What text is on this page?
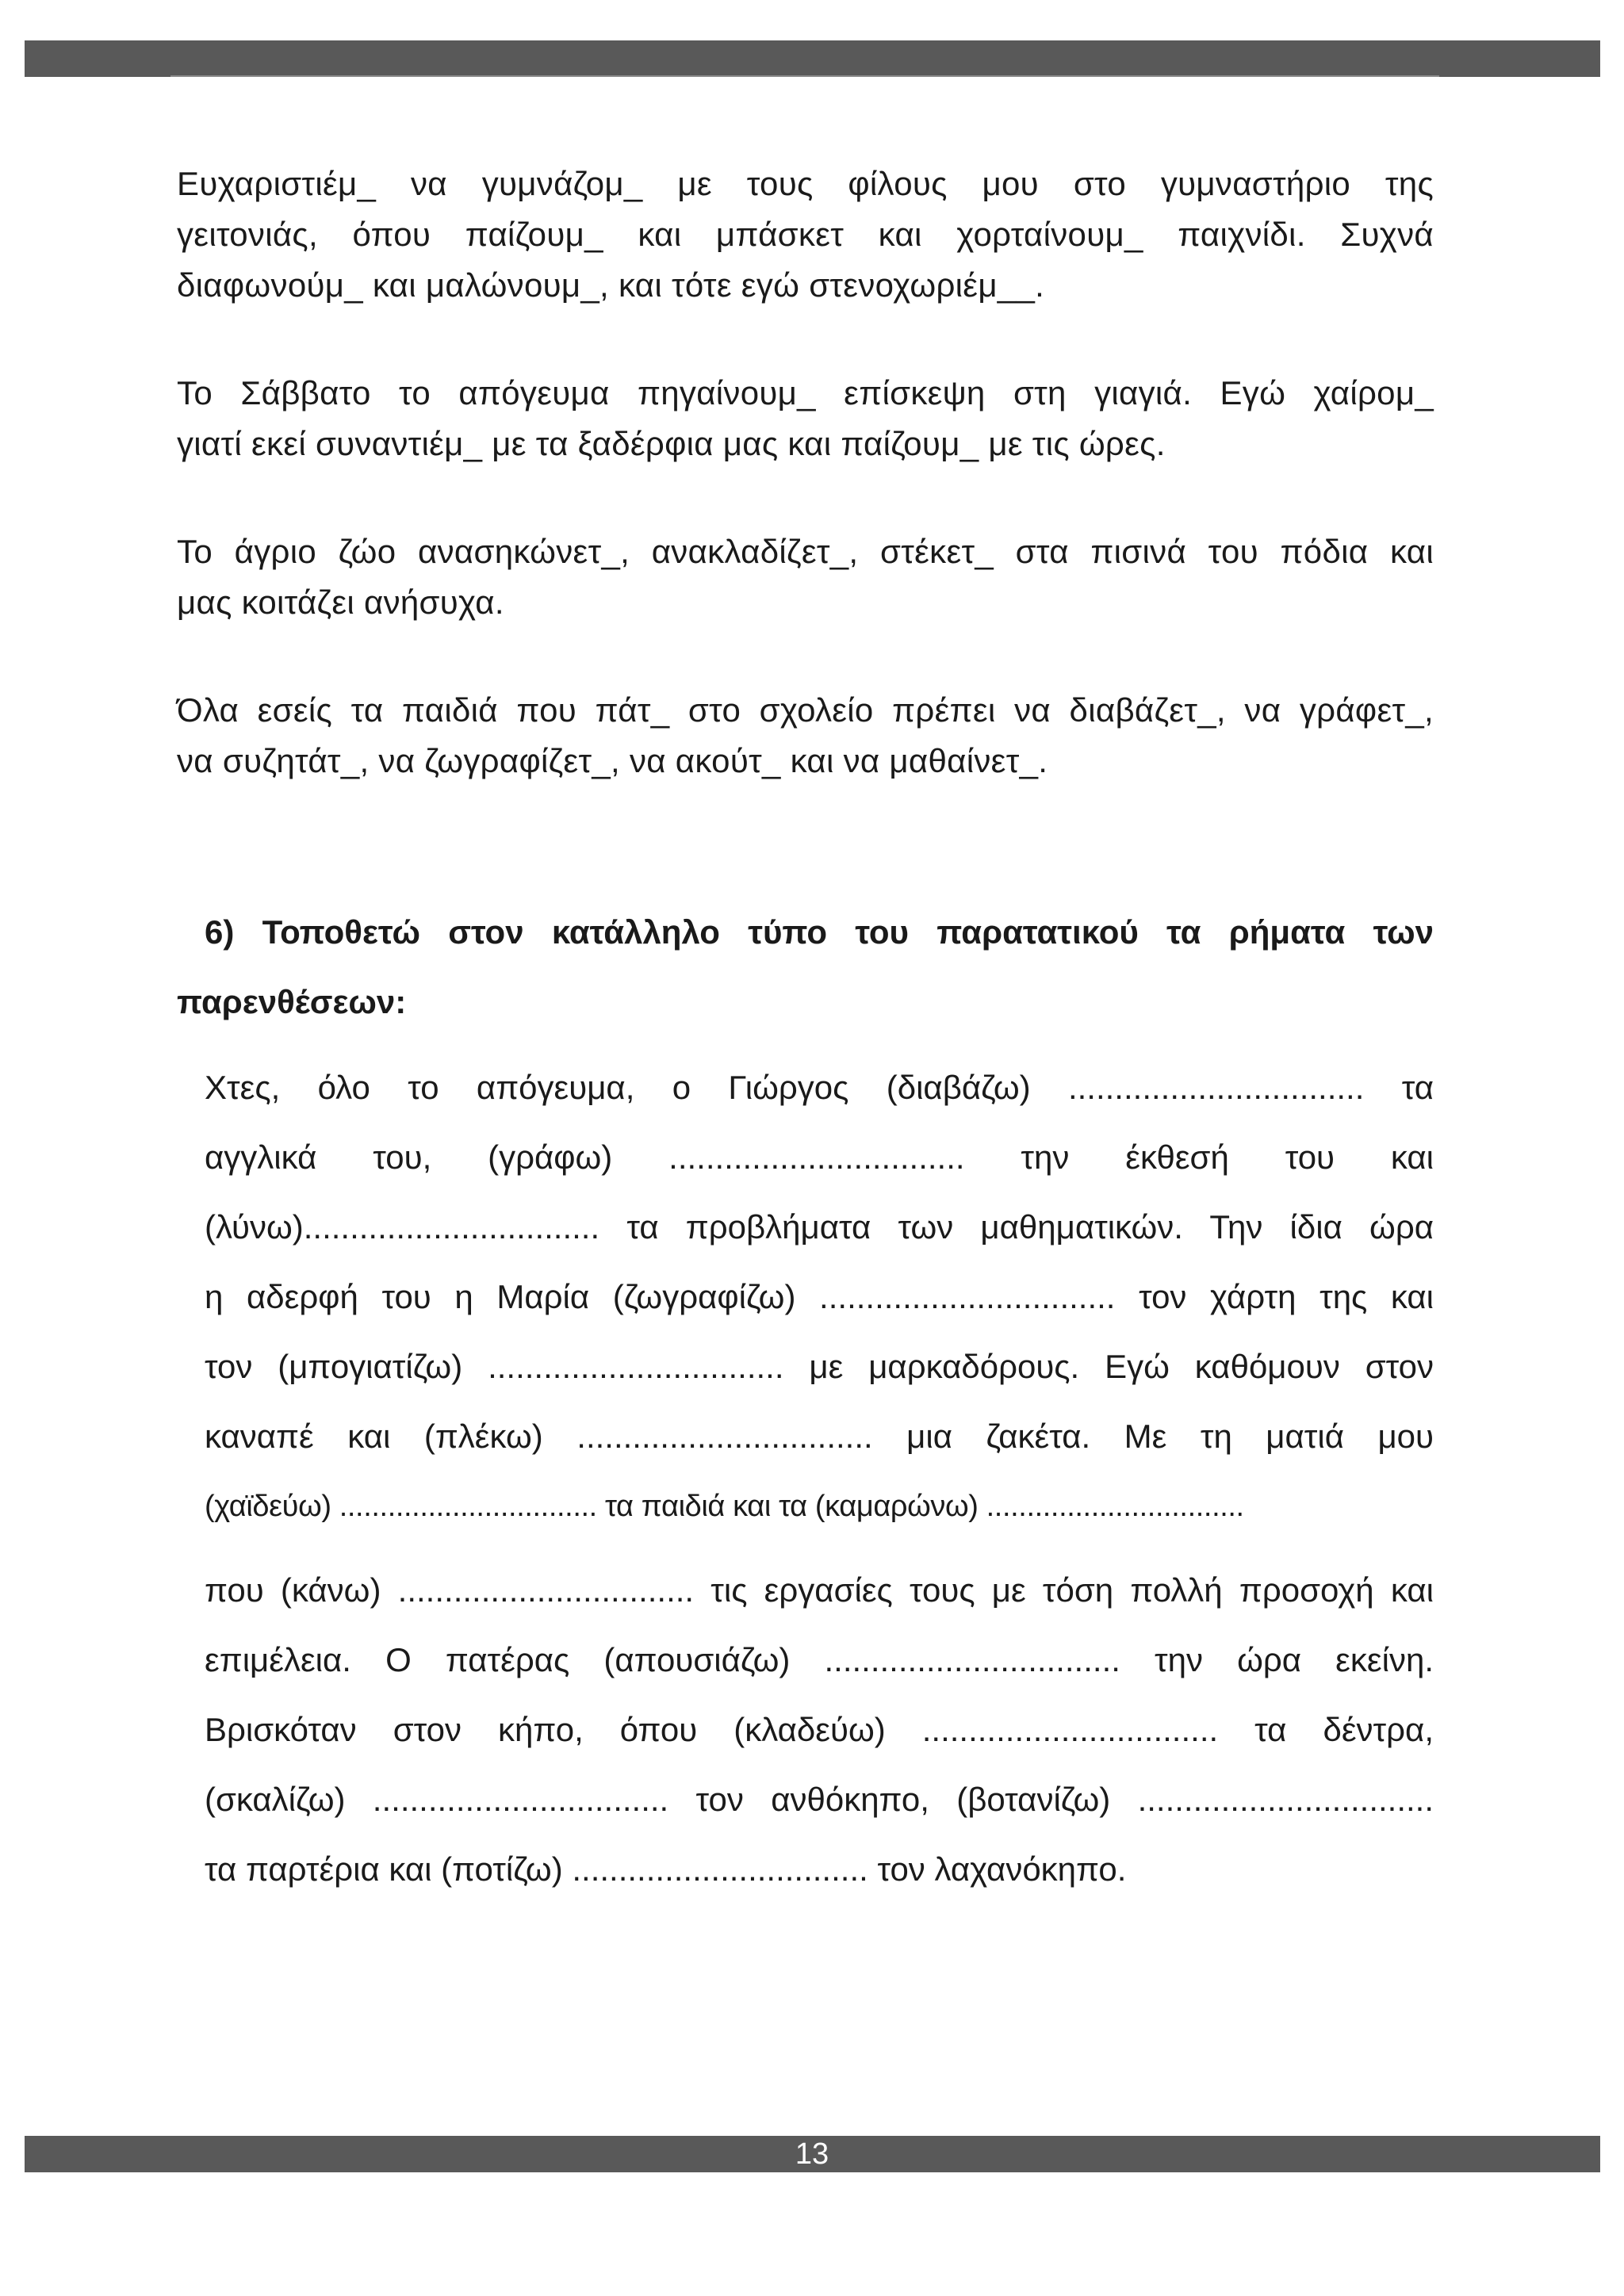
Ευχαριστιέμ_ να γυμνάζομ_ με τους φίλους μου στο γυμναστήριο της
γειτονιάς, όπου παίζουμ_ και μπάσκετ και χορταίνουμ_ παιχνίδι. Συχνά
διαφωνούμ_ και μαλώνουμ_, και τότε εγώ στενοχωριέμ__.

Το Σάββατο το απόγευμα πηγαίνουμ_ επίσκεψη στη γιαγιά. Εγώ χαίρομ_
γιατί εκεί συναντιέμ_ με τα ξαδέρφια μας και παίζουμ_ με τις ώρες.

Το άγριο ζώο ανασηκώνετ_, ανακλαδίζετ_, στέκετ_ στα πισινά του πόδια και
μας κοιτάζει ανήσυχα.

Όλα εσείς τα παιδιά που πάτ_ στο σχολείο πρέπει να διαβάζετ_, να γράφετ_,
να συζητάτ_, να ζωγραφίζετ_, να ακούτ_ και να μαθαίνετ_.

6) Τοποθετώ στον κατάλληλο τύπο του παρατατικού τα ρήματα των
παρενθέσεων:
Χτες, όλο το απόγευμα, ο Γιώργος (διαβάζω) ................................ τα
αγγλικά του, (γράφω) ................................ την έκθεσή του και
(λύνω)................................ τα προβλήματα των μαθηματικών. Την ίδια ώρα
η αδερφή του η Μαρία (ζωγραφίζω) ................................ τον χάρτη της και
τον (μπογιατίζω) ................................ με μαρκαδόρους. Εγώ καθόμουν στον
καναπέ και (πλέκω) ................................ μια ζακέτα. Με τη ματιά μου
(χαϊδεύω) ................................ τα παιδιά και τα (καμαρώνω) ................................
που (κάνω) ................................ τις εργασίες τους με τόση πολλή προσοχή και
επιμέλεια. Ο πατέρας (απουσιάζω) ................................ την ώρα εκείνη.
Βρισκόταν στον κήπο, όπου (κλαδεύω) ................................ τα δέντρα,
(σκαλίζω) ................................ τον ανθόκηπο, (βοτανίζω) ................................
τα παρτέρια και (ποτίζω) ................................ τον λαχανόκηπο.
13
